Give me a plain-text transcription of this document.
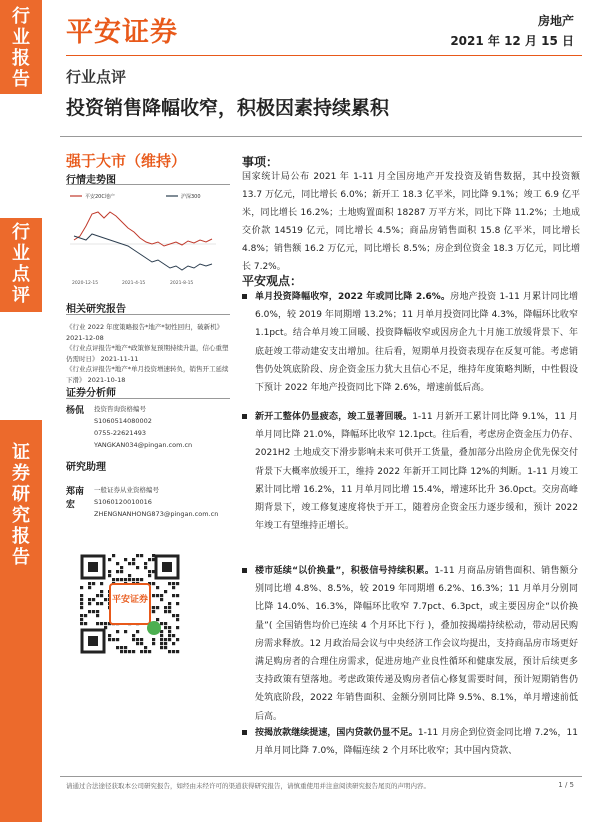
行
业
报
告
行
业
点
评
证
券
研
究
报
告
平安证券	房地产
2021 年 12 月 15 日
行业点评
投资销售降幅收窄，积极因素持续累积
强于大市（维持）
行情走势图
平安20C地产	沪深300
2020-12-15	2021-4-15	2021-8-15
相关研究报告

《行业 2022 年度策略报告*地产*韧性回归，破新机》 2021-12-08

《行业点评报告*地产*政策修复预期持续升温，信心重塑仍需时日》 2021-11-11

《行业点评报告*地产*单月投资增速转负，销售开工延续下滑》 2021-10-18

证券分析师
杨侃	投资咨询资格编号
S1060514080002
0755-22621493
YANGKAN034@pingan.com.cn
研究助理
郑南宏
一般证券从业资格编号
S1060120010016
ZHENGNANHONG873@pingan.com.cn
平安证券
事项：

国家统计局公布 2021 年 1-11 月全国房地产开发投资及销售数据，其中投资额 13.7 万亿元，同比增长 6.0%；新开工 18.3 亿平米，同比降 9.1%；竣工 6.9 亿平米，同比增长 16.2%；土地购置面积 18287 万平方米，同比下降 11.2%；土地成交价款 14519 亿元，同比增长 4.5%；商品房销售面积 15.8 亿平米，同比增长 4.8%；销售额 16.2 万亿元，同比增长 8.5%；房企到位资金 18.3 万亿元，同比增长 7.2%。

平安观点：
单月投资降幅收窄，2022 年或同比降 2.6%。房地产投资 1-11 月累计同比增 6.0%，较 2019 年同期增 13.2%；11 月单月投资同比降 4.3%，降幅环比收窄 1.1pct。结合单月竣工回暖、投资降幅收窄或因房企九十月施工放缓背景下、年底赶竣工带动建安支出增加。往后看，短期单月投资表现存在反复可能。考虑销售仍处筑底阶段、房企资金压力犹大且信心不足，维持年度策略判断，中性假设下预计 2022 年地产投资同比下降 2.6%，增速前低后高。
新开工整体仍显疲态，竣工显著回暖。1-11 月新开工累计同比降 9.1%，11 月单月同比降 21.0%，降幅环比收窄 12.1pct。往后看，考虑房企资金压力仍存、2021H2 土地成交下滑步影响未来可供开工货量，叠加部分出险房企优先保交付背景下大概率放缓开工，维持 2022 年新开工同比降 12%的判断。1-11 月竣工累计同比增 16.2%，11 月单月同比增 15.4%，增速环比升 36.0pct。交房高峰期背景下，竣工修复速度将快于开工，随着房企资金压力逐步缓和，预计 2022 年竣工有望维持正增长。
楼市延续“以价换量”，积极信号持续积累。1-11 月商品房销售面积、销售额分别同比增 4.8%、8.5%，较 2019 年同期增 6.2%、16.3%；11 月单月分别同比降 14.0%、16.3%，降幅环比收窄 7.7pct、6.3pct，或主要因房企“以价换量”( 全国销售均价已连续 4 个月环比下行 )，叠加按揭端持续松动，带动居民购房需求释放。12 月政治局会议与中央经济工作会议均提出，支持商品房市场更好满足购房者的合理住房需求，促进房地产业良性循环和健康发展，预计后续更多支持政策有望落地。考虑政策传递及购房者信心修复需要时间，预计短期销售仍处筑底阶段，2022 年销售面积、金额分别同比降 9.5%、8.1%，单月增速前低后高。
按揭放款继续提速，国内贷款仍显不足。1-11 月房企到位资金同比增 7.2%，11 月单月同比降 7.0%，降幅连续 2 个月环比收窄；其中国内贷款、
请通过合法途径获取本公司研究报告，如经由未经许可的渠道获得研究报告，请慎重使用并注意阅读研究报告尾页的声明内容。	1 / 5
